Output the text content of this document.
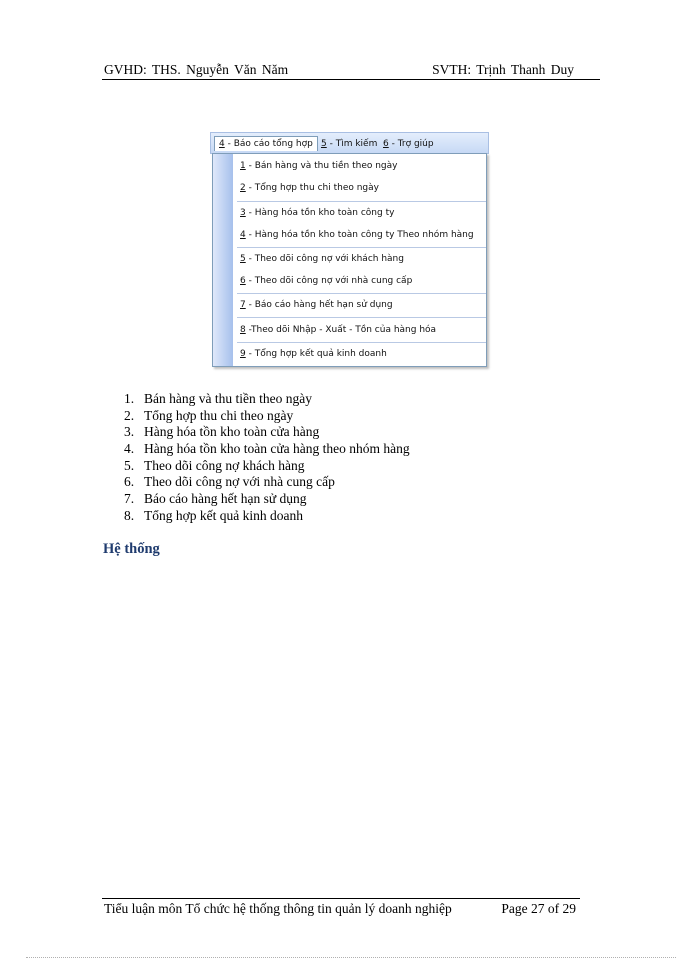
GVHD: THS. Nguyễn Văn Năm	SVTH: Trịnh Thanh Duy
4 - Báo cáo tổng hợp 5 - Tìm kiếm 6 - Trợ giúp
1 - Bán hàng và thu tiền theo ngày
2 - Tổng hợp thu chi theo ngày
3 - Hàng hóa tồn kho toàn công ty
4 - Hàng hóa tồn kho toàn công ty Theo nhóm hàng
5 - Theo dõi công nợ với khách hàng
6 - Theo dõi công nợ với nhà cung cấp
7 - Báo cáo hàng hết hạn sử dụng
8 -Theo dõi Nhập - Xuất - Tồn của hàng hóa
9 - Tổng hợp kết quả kinh doanh
1. Bán hàng và thu tiền theo ngày
2. Tổng hợp thu chi theo ngày
3. Hàng hóa tồn kho toàn cửa hàng
4. Hàng hóa tồn kho toàn cửa hàng theo nhóm hàng
5. Theo dõi công nợ khách hàng
6. Theo dõi công nợ với nhà cung cấp
7. Báo cáo hàng hết hạn sử dụng
8. Tổng hợp kết quả kinh doanh
Hệ thống
Tiểu luận môn Tổ chức hệ thống thông tin quản lý doanh nghiệp	Page 27 of 29
